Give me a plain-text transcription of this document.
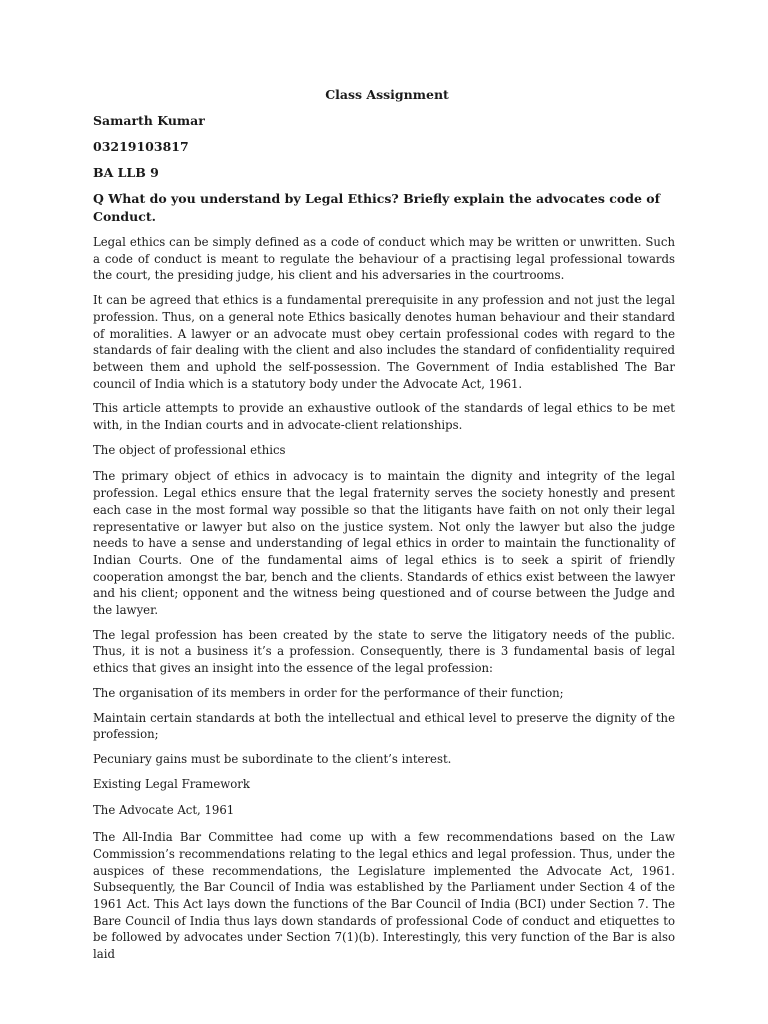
Class Assignment

Samarth Kumar

03219103817

BA LLB 9

Q What do you understand by Legal Ethics? Briefly explain the advocates code of Conduct.

Legal ethics can be simply defined as a code of conduct which may be written or unwritten. Such a code of conduct is meant to regulate the behaviour of a practising legal professional towards the court, the presiding judge, his client and his adversaries in the courtrooms.

It can be agreed that ethics is a fundamental prerequisite in any profession and not just the legal profession. Thus, on a general note Ethics basically denotes human behaviour and their standard of moralities. A lawyer or an advocate must obey certain professional codes with regard to the standards of fair dealing with the client and also includes the standard of confidentiality required between them and uphold the self-possession. The Government of India established The Bar council of India which is a statutory body under the Advocate Act, 1961.

This article attempts to provide an exhaustive outlook of the standards of legal ethics to be met with, in the Indian courts and in advocate-client relationships.

The object of professional ethics

The primary object of ethics in advocacy is to maintain the dignity and integrity of the legal profession. Legal ethics ensure that the legal fraternity serves the society honestly and present each case in the most formal way possible so that the litigants have faith on not only their legal representative or lawyer but also on the justice system. Not only the lawyer but also the judge needs to have a sense and understanding of legal ethics in order to maintain the functionality of Indian Courts. One of the fundamental aims of legal ethics is to seek a spirit of friendly cooperation amongst the bar, bench and the clients. Standards of ethics exist between the lawyer and his client; opponent and the witness being questioned and of course between the Judge and the lawyer.

The legal profession has been created by the state to serve the litigatory needs of the public. Thus, it is not a business it’s a profession. Consequently, there is 3 fundamental basis of legal ethics that gives an insight into the essence of the legal profession:

The organisation of its members in order for the performance of their function;

Maintain certain standards at both the intellectual and ethical level to preserve the dignity of the profession;

Pecuniary gains must be subordinate to the client’s interest.

Existing Legal Framework

The Advocate Act, 1961

The All-India Bar Committee had come up with a few recommendations based on the Law Commission’s recommendations relating to the legal ethics and legal profession. Thus, under the auspices of these recommendations, the Legislature implemented the Advocate Act, 1961. Subsequently, the Bar Council of India was established by the Parliament under Section 4 of the 1961 Act. This Act lays down the functions of the Bar Council of India (BCI) under Section 7. The Bare Council of India thus lays down standards of professional Code of conduct and etiquettes to be followed by advocates under Section 7(1)(b). Interestingly, this very function of the Bar is also laid
